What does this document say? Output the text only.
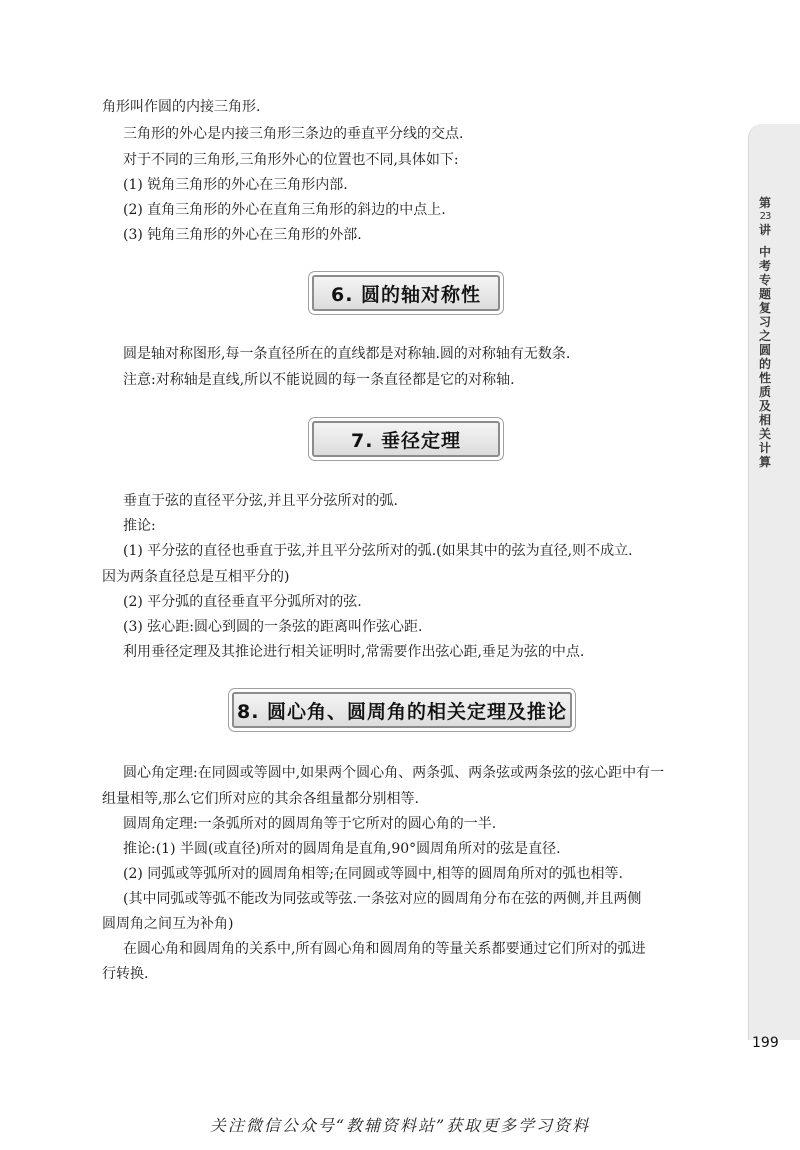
第
23
讲
中考专题复习之圆的性质及相关计算

角形叫作圆的内接三角形.

三角形的外心是内接三角形三条边的垂直平分线的交点.

对于不同的三角形,三角形外心的位置也不同,具体如下:

(1) 锐角三角形的外心在三角形内部.

(2) 直角三角形的外心在直角三角形的斜边的中点上.

(3) 钝角三角形的外心在三角形的外部.

6. 圆的轴对称性

圆是轴对称图形,每一条直径所在的直线都是对称轴.圆的对称轴有无数条.

注意:对称轴是直线,所以不能说圆的每一条直径都是它的对称轴.

7. 垂径定理

垂直于弦的直径平分弦,并且平分弦所对的弧.

推论:

(1) 平分弦的直径也垂直于弦,并且平分弦所对的弧.(如果其中的弦为直径,则不成立.

因为两条直径总是互相平分的)

(2) 平分弧的直径垂直平分弧所对的弦.

(3) 弦心距:圆心到圆的一条弦的距离叫作弦心距.

利用垂径定理及其推论进行相关证明时,常需要作出弦心距,垂足为弦的中点.

8. 圆心角、圆周角的相关定理及推论

圆心角定理:在同圆或等圆中,如果两个圆心角、两条弧、两条弦或两条弦的弦心距中有一

组量相等,那么它们所对应的其余各组量都分别相等.

圆周角定理:一条弧所对的圆周角等于它所对的圆心角的一半.

推论:(1) 半圆(或直径)所对的圆周角是直角,90°圆周角所对的弦是直径.

(2) 同弧或等弧所对的圆周角相等;在同圆或等圆中,相等的圆周角所对的弧也相等.

(其中同弧或等弧不能改为同弦或等弦.一条弦对应的圆周角分布在弦的两侧,并且两侧

圆周角之间互为补角)

在圆心角和圆周角的关系中,所有圆心角和圆周角的等量关系都要通过它们所对的弧进

行转换.

199
关注微信公众号“教辅资料站”获取更多学习资料
